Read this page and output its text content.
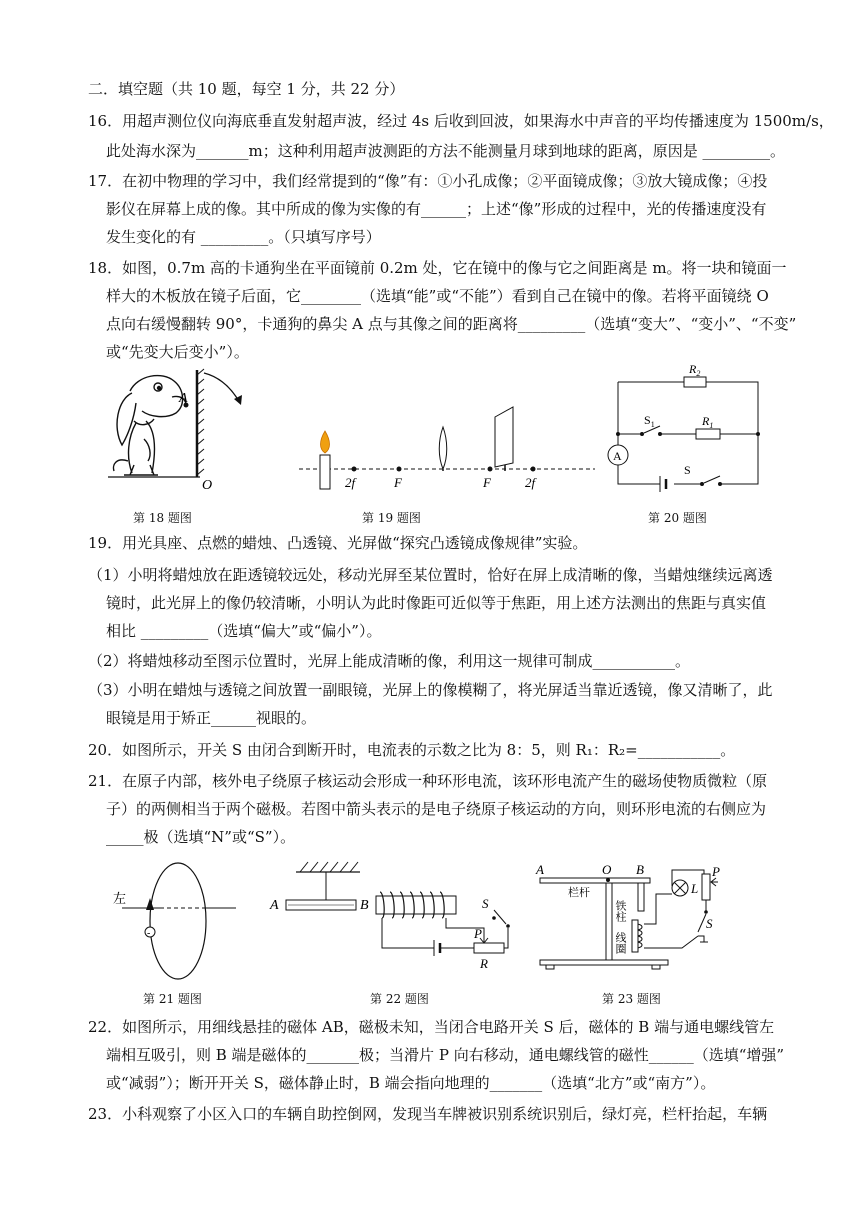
二．填空题（共 10 题，每空 1 分，共 22 分）
16．用超声测位仪向海底垂直发射超声波，经过 4s 后收到回波，如果海水中声音的平均传播速度为 1500m/s，
此处海水深为_______m；这种利用超声波测距的方法不能测量月球到地球的距离，原因是 _________。
17．在初中物理的学习中，我们经常提到的“像”有：①小孔成像；②平面镜成像；③放大镜成像；④投
影仪在屏幕上成的像。其中所成的像为实像的有______；上述“像”形成的过程中，光的传播速度没有
发生变化的有 _________。（只填写序号）
18．如图，0.7m 高的卡通狗坐在平面镜前 0.2m 处，它在镜中的像与它之间距离是 m。将一块和镜面一
样大的木板放在镜子后面，它________（选填“能”或“不能”）看到自己在镜中的像。若将平面镜绕 O
点向右缓慢翻转 90°，卡通狗的鼻尖 A 点与其像之间的距离将_________（选填“变大”、“变小”、“不变”
或“先变大后变小”）。
第 18 题图	第 19 题图	第 20 题图
19．用光具座、点燃的蜡烛、凸透镜、光屏做“探究凸透镜成像规律”实验。
（1）小明将蜡烛放在距透镜较远处，移动光屏至某位置时，恰好在屏上成清晰的像，当蜡烛继续远离透
镜时，此光屏上的像仍较清晰，小明认为此时像距可近似等于焦距，用上述方法测出的焦距与真实值
相比 _________（选填“偏大”或“偏小”）。
（2）将蜡烛移动至图示位置时，光屏上能成清晰的像，利用这一规律可制成___________。
（3）小明在蜡烛与透镜之间放置一副眼镜，光屏上的像模糊了，将光屏适当靠近透镜，像又清晰了，此
眼镜是用于矫正______视眼的。
20．如图所示，开关 S 由闭合到断开时，电流表的示数之比为 8：5，则 R₁：R₂=___________。
21．在原子内部，核外电子绕原子核运动会形成一种环形电流，该环形电流产生的磁场使物质微粒（原
子）的两侧相当于两个磁极。若图中箭头表示的是电子绕原子核运动的方向，则环形电流的右侧应为
_____极（选填“N”或“S”）。
第 21 题图	第 22 题图	第 23 题图
22．如图所示，用细线悬挂的磁体 AB，磁极未知，当闭合电路开关 S 后，磁体的 B 端与通电螺线管左
端相互吸引，则 B 端是磁体的_______极；当滑片 P 向右移动，通电螺线管的磁性______（选填“增强”
或“减弱”）；断开开关 S，磁体静止时，B 端会指向地理的_______（选填“北方”或“南方”）。
23．小科观察了小区入口的车辆自助控倒网，发现当车牌被识别系统识别后，绿灯亮，栏杆抬起，车辆
A
O	2f	F	F	2f
$R_2$
$R_1$
$S_1$
A
S
左
-
A	B
R
P
S
A	O B
栏杆
铁柱
线圈
L
P
S
